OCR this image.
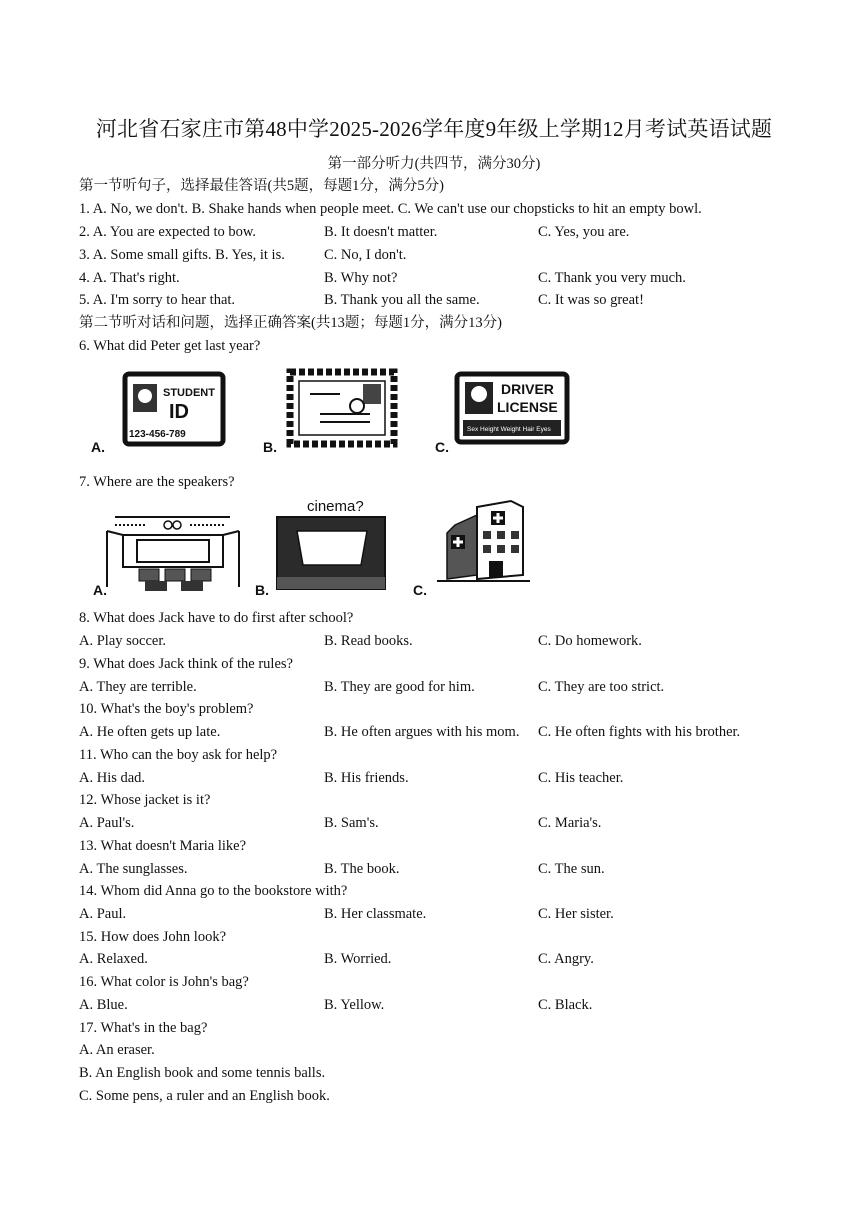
河北省石家庄市第48中学2025-2026学年度9年级上学期12月考试英语试题
第一部分听力(共四节，满分30分)
第一节听句子，选择最佳答语(共5题，每题1分，满分5分)
1. A. No, we don't. B. Shake hands when people meet. C. We can't use our chopsticks to hit an empty bowl.
2. A. You are expected to bow.	B. It doesn't matter.	C. Yes, you are.
3. A. Some small gifts. B. Yes, it is.	C. No, I don't.
4. A. That's right.	B. Why not?	C. Thank you very much.
5. A. I'm sorry to hear that.	B. Thank you all the same.	C. It was so great!
第二节听对话和问题，选择正确答案(共13题；每题1分，满分13分)
6. What did Peter get last year?
STUDENT
ID
123-456-789
A.	B.
DRIVER
LICENSE
Sex Height Weight Hair Eyes
C.
7. Where are the speakers?
A.
cinema?
B.	C.
8. What does Jack have to do first after school?
A. Play soccer.	B. Read books.	C. Do homework.
9. What does Jack think of the rules?
A. They are terrible.	B. They are good for him.	C. They are too strict.
10. What's the boy's problem?
A. He often gets up late.	B. He often argues with his mom. C. He often fights with his brother.
11. Who can the boy ask for help?
A. His dad.	B. His friends.	C. His teacher.
12. Whose jacket is it?
A. Paul's.	B. Sam's.	C. Maria's.
13. What doesn't Maria like?
A. The sunglasses.	B. The book.	C. The sun.
14. Whom did Anna go to the bookstore with?
A. Paul.	B. Her classmate.	C. Her sister.
15. How does John look?
A. Relaxed.	B. Worried.	C. Angry.
16. What color is John's bag?
A. Blue.	B. Yellow.	C. Black.
17. What's in the bag?
A. An eraser.
B. An English book and some tennis balls.
C. Some pens, a ruler and an English book.
